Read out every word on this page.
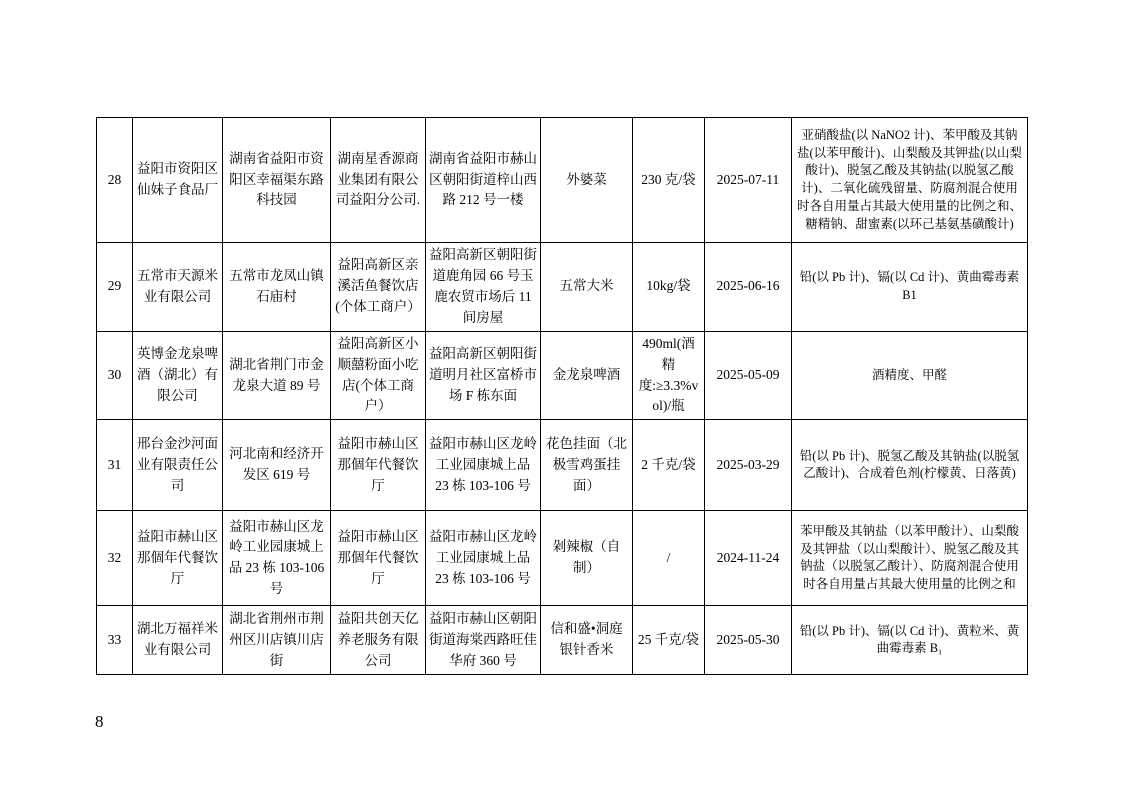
28	益阳市资阳区仙妹子食品厂	湖南省益阳市资阳区幸福渠东路科技园	湖南星香源商业集团有限公司益阳分公司.	湖南省益阳市赫山区朝阳街道梓山西路 212 号一楼	外婆菜	230 克/袋	2025-07-11	亚硝酸盐(以 NaNO2 计)、苯甲酸及其钠盐(以苯甲酸计)、山梨酸及其钾盐(以山梨酸计)、脱氢乙酸及其钠盐(以脱氢乙酸计)、二氧化硫残留量、防腐剂混合使用时各自用量占其最大使用量的比例之和、糖精钠、甜蜜素(以环己基氨基磺酸计)
29	五常市天源米业有限公司	五常市龙凤山镇石庙村	益阳高新区亲溪活鱼餐饮店(个体工商户）	益阳高新区朝阳街道鹿角园 66 号玉鹿农贸市场后 11 间房屋	五常大米	10kg/袋	2025-06-16	铅(以 Pb 计)、镉(以 Cd 计)、黄曲霉毒素 B1
30	英博金龙泉啤酒（湖北）有限公司	湖北省荆门市金龙泉大道 89 号	益阳高新区小顺囍粉面小吃店(个体工商户）	益阳高新区朝阳街道明月社区富桥市场 F 栋东面	金龙泉啤酒	490ml(酒精度:≥3.3%vol)/瓶	2025-05-09	酒精度、甲醛
31	邢台金沙河面业有限责任公司	河北南和经济开发区 619 号	益阳市赫山区那個年代餐饮厅	益阳市赫山区龙岭工业园康城上品 23 栋 103-106 号	花色挂面（北极雪鸡蛋挂面）	2 千克/袋	2025-03-29	铅(以 Pb 计)、脱氢乙酸及其钠盐(以脱氢乙酸计)、合成着色剂(柠檬黄、日落黄)
32	益阳市赫山区那個年代餐饮厅	益阳市赫山区龙岭工业园康城上品 23 栋 103-106 号	益阳市赫山区那個年代餐饮厅	益阳市赫山区龙岭工业园康城上品 23 栋 103-106 号	剁辣椒（自制）	/	2024-11-24	苯甲酸及其钠盐（以苯甲酸计）、山梨酸及其钾盐（以山梨酸计）、脱氢乙酸及其钠盐（以脱氢乙酸计）、防腐剂混合使用时各自用量占其最大使用量的比例之和
33	湖北万福祥米业有限公司	湖北省荆州市荆州区川店镇川店街	益阳共创天亿养老服务有限公司	益阳市赫山区朝阳街道海棠西路旺佳华府 360 号	信和盛•洞庭银针香米	25 千克/袋	2025-05-30	铅(以 Pb 计)、镉(以 Cd 计)、黄粒米、黄曲霉毒素 B₁
8
